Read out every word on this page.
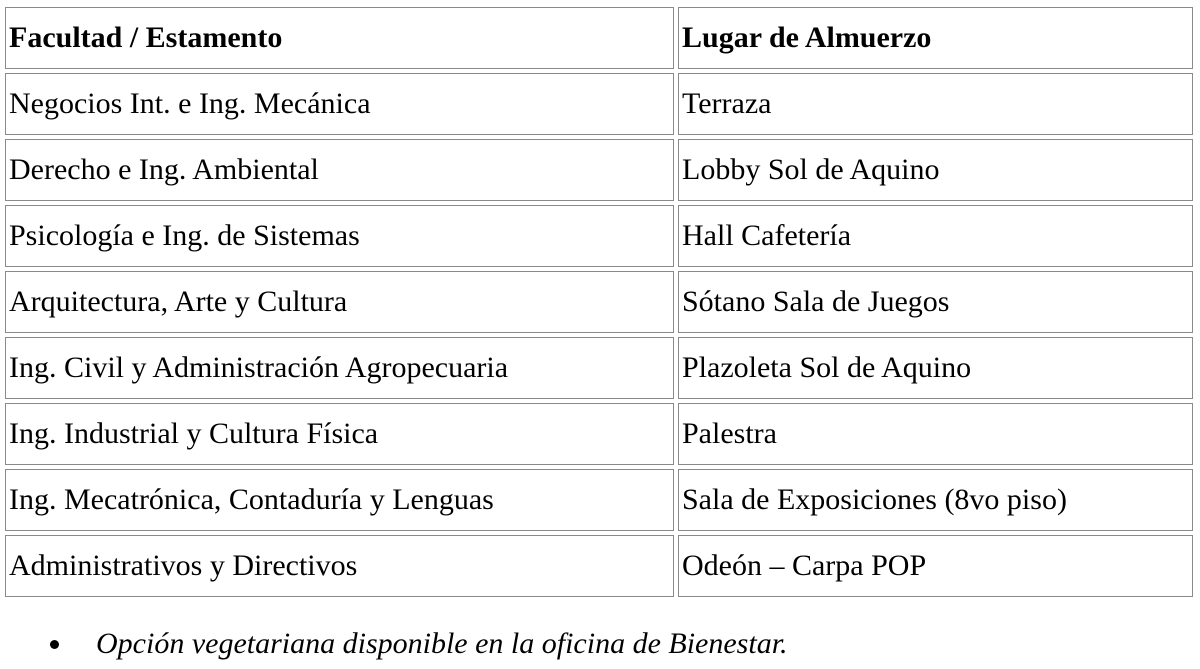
Facultad / Estamento	Lugar de Almuerzo
Negocios Int. e Ing. Mecánica	Terraza
Derecho e Ing. Ambiental	Lobby Sol de Aquino
Psicología e Ing. de Sistemas	Hall Cafetería
Arquitectura, Arte y Cultura	Sótano Sala de Juegos
Ing. Civil y Administración Agropecuaria	Plazoleta Sol de Aquino
Ing. Industrial y Cultura Física	Palestra
Ing. Mecatrónica, Contaduría y Lenguas	Sala de Exposiciones (8vo piso)
Administrativos y Directivos	Odeón – Carpa POP
Opción vegetariana disponible en la oficina de Bienestar.
